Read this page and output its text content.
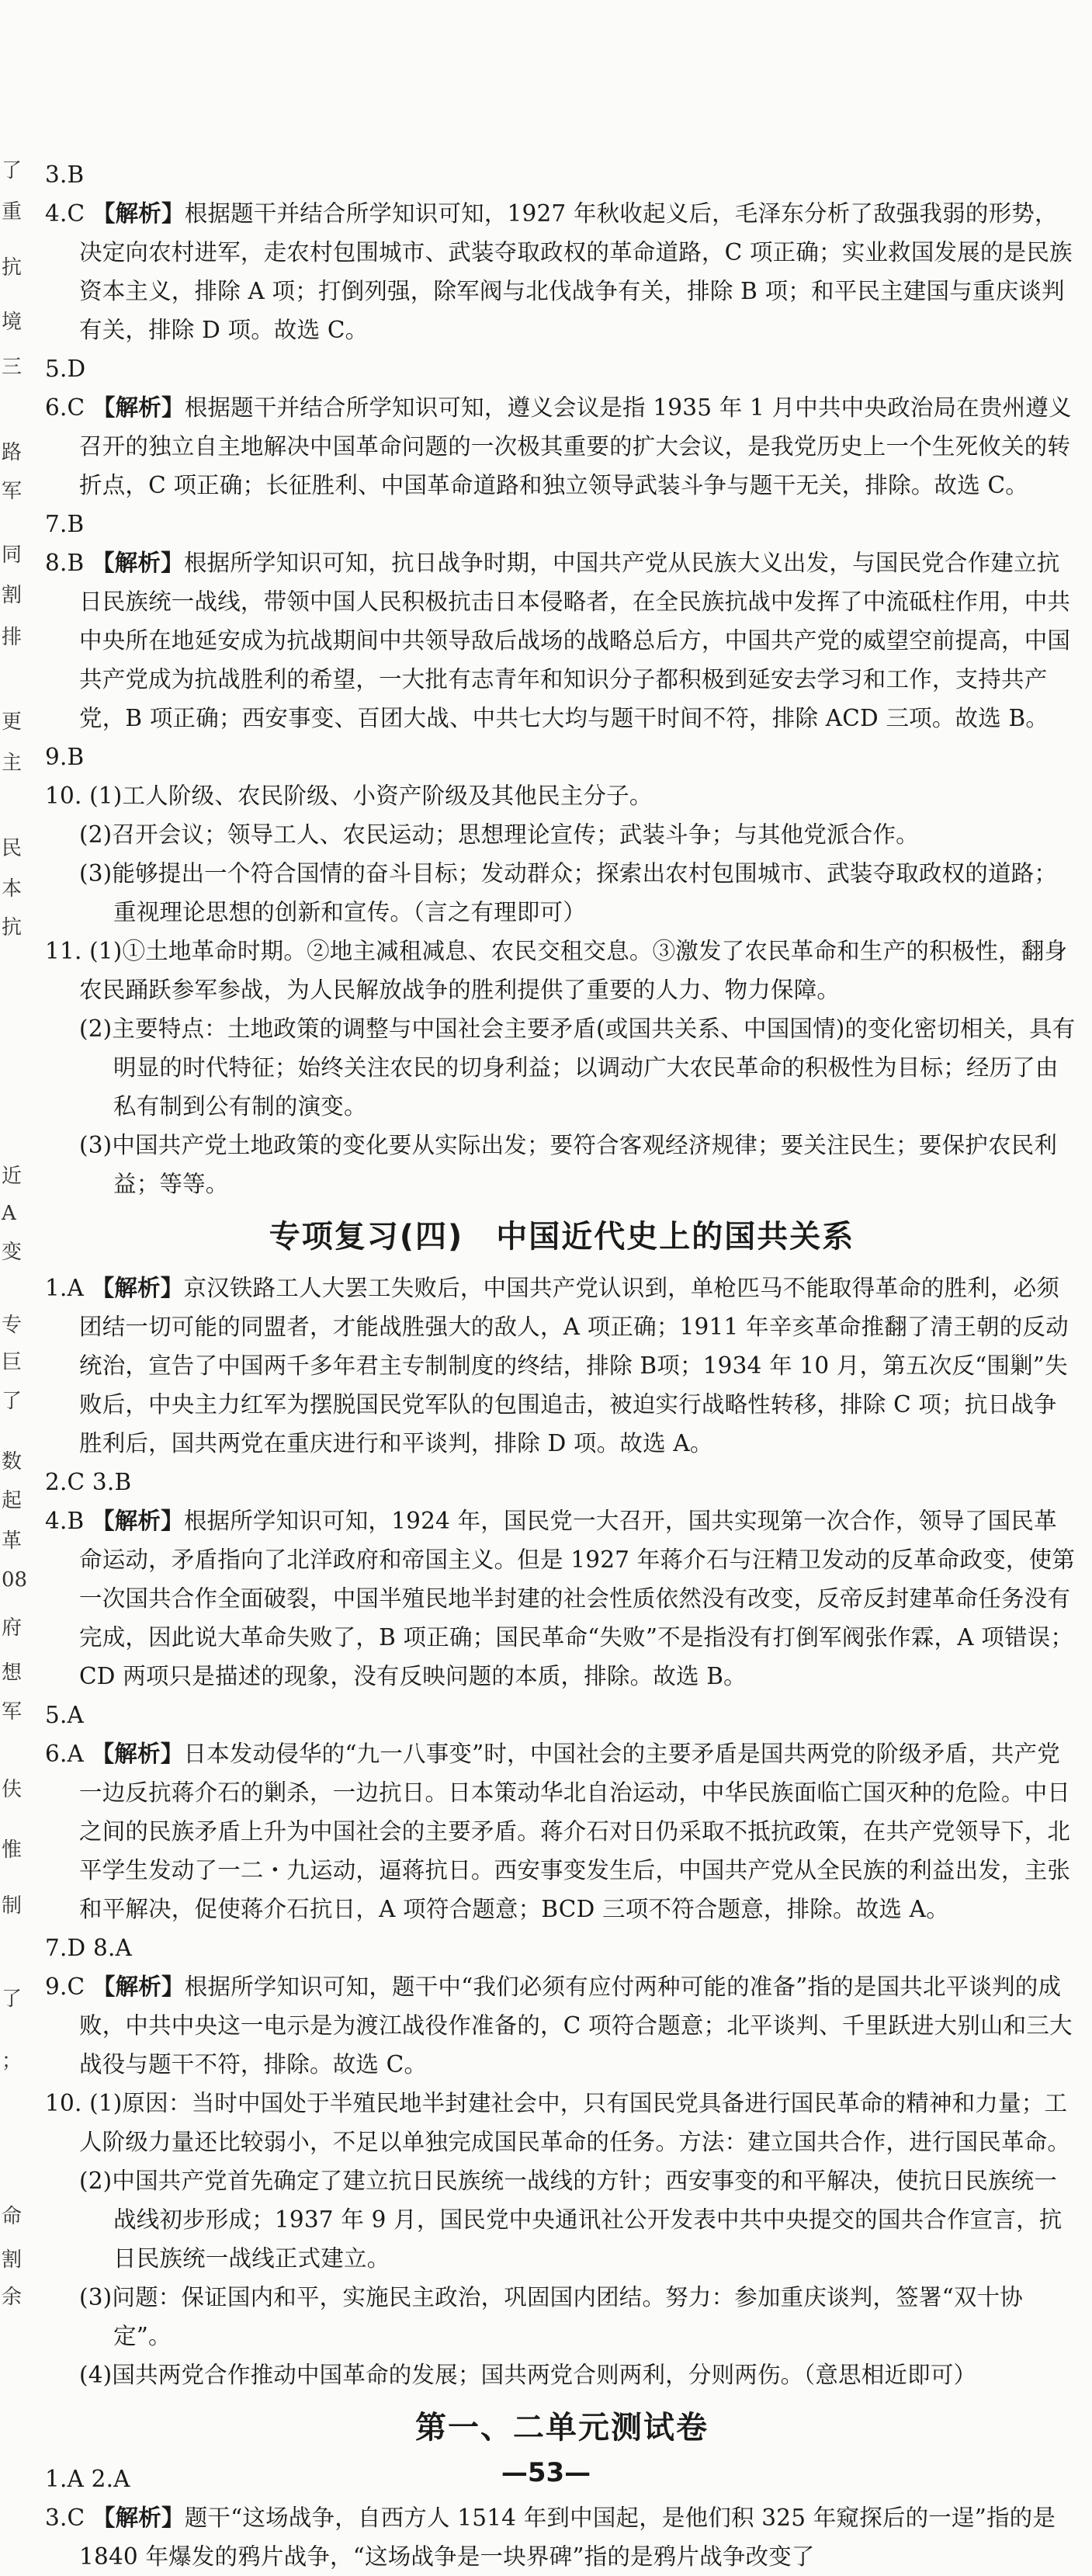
了
重
抗
境
三
路
军
同
割
排
更
主
民
本
抗
近
A
变
专
巨
了
数
起
革
08
府
想
军
伕
惟
制
了
；
命
割
余

3.B

4.C 【解析】根据题干并结合所学知识可知，1927 年秋收起义后，毛泽东分析了敌强我弱的形势，决定向农村进军，走农村包围城市、武装夺取政权的革命道路，C 项正确；实业救国发展的是民族资本主义，排除 A 项；打倒列强，除军阀与北伐战争有关，排除 B 项；和平民主建国与重庆谈判有关，排除 D 项。故选 C。

5.D

6.C 【解析】根据题干并结合所学知识可知，遵义会议是指 1935 年 1 月中共中央政治局在贵州遵义召开的独立自主地解决中国革命问题的一次极其重要的扩大会议，是我党历史上一个生死攸关的转折点，C 项正确；长征胜利、中国革命道路和独立领导武装斗争与题干无关，排除。故选 C。

7.B

8.B 【解析】根据所学知识可知，抗日战争时期，中国共产党从民族大义出发，与国民党合作建立抗日民族统一战线，带领中国人民积极抗击日本侵略者，在全民族抗战中发挥了中流砥柱作用，中共中央所在地延安成为抗战期间中共领导敌后战场的战略总后方，中国共产党的威望空前提高，中国共产党成为抗战胜利的希望，一大批有志青年和知识分子都积极到延安去学习和工作，支持共产党，B 项正确；西安事变、百团大战、中共七大均与题干时间不符，排除 ACD 三项。故选 B。

9.B

10. (1)工人阶级、农民阶级、小资产阶级及其他民主分子。

(2)召开会议；领导工人、农民运动；思想理论宣传；武装斗争；与其他党派合作。

(3)能够提出一个符合国情的奋斗目标；发动群众；探索出农村包围城市、武装夺取政权的道路；重视理论思想的创新和宣传。（言之有理即可）

11. (1)①土地革命时期。②地主减租减息、农民交租交息。③激发了农民革命和生产的积极性，翻身农民踊跃参军参战，为人民解放战争的胜利提供了重要的人力、物力保障。

(2)主要特点：土地政策的调整与中国社会主要矛盾(或国共关系、中国国情)的变化密切相关，具有明显的时代特征；始终关注农民的切身利益；以调动广大农民革命的积极性为目标；经历了由私有制到公有制的演变。

(3)中国共产党土地政策的变化要从实际出发；要符合客观经济规律；要关注民生；要保护农民利益；等等。

专项复习(四)　中国近代史上的国共关系

1.A 【解析】京汉铁路工人大罢工失败后，中国共产党认识到，单枪匹马不能取得革命的胜利，必须团结一切可能的同盟者，才能战胜强大的敌人，A 项正确；1911 年辛亥革命推翻了清王朝的反动统治，宣告了中国两千多年君主专制制度的终结，排除 B项；1934 年 10 月，第五次反“围剿”失败后，中央主力红军为摆脱国民党军队的包围追击，被迫实行战略性转移，排除 C 项；抗日战争胜利后，国共两党在重庆进行和平谈判，排除 D 项。故选 A。

2.C 3.B

4.B 【解析】根据所学知识可知，1924 年，国民党一大召开，国共实现第一次合作，领导了国民革命运动，矛盾指向了北洋政府和帝国主义。但是 1927 年蒋介石与汪精卫发动的反革命政变，使第一次国共合作全面破裂，中国半殖民地半封建的社会性质依然没有改变，反帝反封建革命任务没有完成，因此说大革命失败了，B 项正确；国民革命“失败”不是指没有打倒军阀张作霖，A 项错误；CD 两项只是描述的现象，没有反映问题的本质，排除。故选 B。

5.A

6.A 【解析】日本发动侵华的“九一八事变”时，中国社会的主要矛盾是国共两党的阶级矛盾，共产党一边反抗蒋介石的剿杀，一边抗日。日本策动华北自治运动，中华民族面临亡国灭种的危险。中日之间的民族矛盾上升为中国社会的主要矛盾。蒋介石对日仍采取不抵抗政策，在共产党领导下，北平学生发动了一二・九运动，逼蒋抗日。西安事变发生后，中国共产党从全民族的利益出发，主张和平解决，促使蒋介石抗日，A 项符合题意；BCD 三项不符合题意，排除。故选 A。

7.D 8.A

9.C 【解析】根据所学知识可知，题干中“我们必须有应付两种可能的准备”指的是国共北平谈判的成败，中共中央这一电示是为渡江战役作准备的，C 项符合题意；北平谈判、千里跃进大别山和三大战役与题干不符，排除。故选 C。

10. (1)原因：当时中国处于半殖民地半封建社会中，只有国民党具备进行国民革命的精神和力量；工人阶级力量还比较弱小，不足以单独完成国民革命的任务。方法：建立国共合作，进行国民革命。

(2)中国共产党首先确定了建立抗日民族统一战线的方针；西安事变的和平解决，使抗日民族统一战线初步形成；1937 年 9 月，国民党中央通讯社公开发表中共中央提交的国共合作宣言，抗日民族统一战线正式建立。

(3)问题：保证国内和平，实施民主政治，巩固国内团结。努力：参加重庆谈判，签署“双十协定”。

(4)国共两党合作推动中国革命的发展；国共两党合则两利，分则两伤。（意思相近即可）

第一、二单元测试卷

1.A 2.A

3.C 【解析】题干“这场战争，自西方人 1514 年到中国起，是他们积 325 年窥探后的一逞”指的是 1840 年爆发的鸦片战争，“这场战争是一块界碑”指的是鸦片战争改变了

—53—
